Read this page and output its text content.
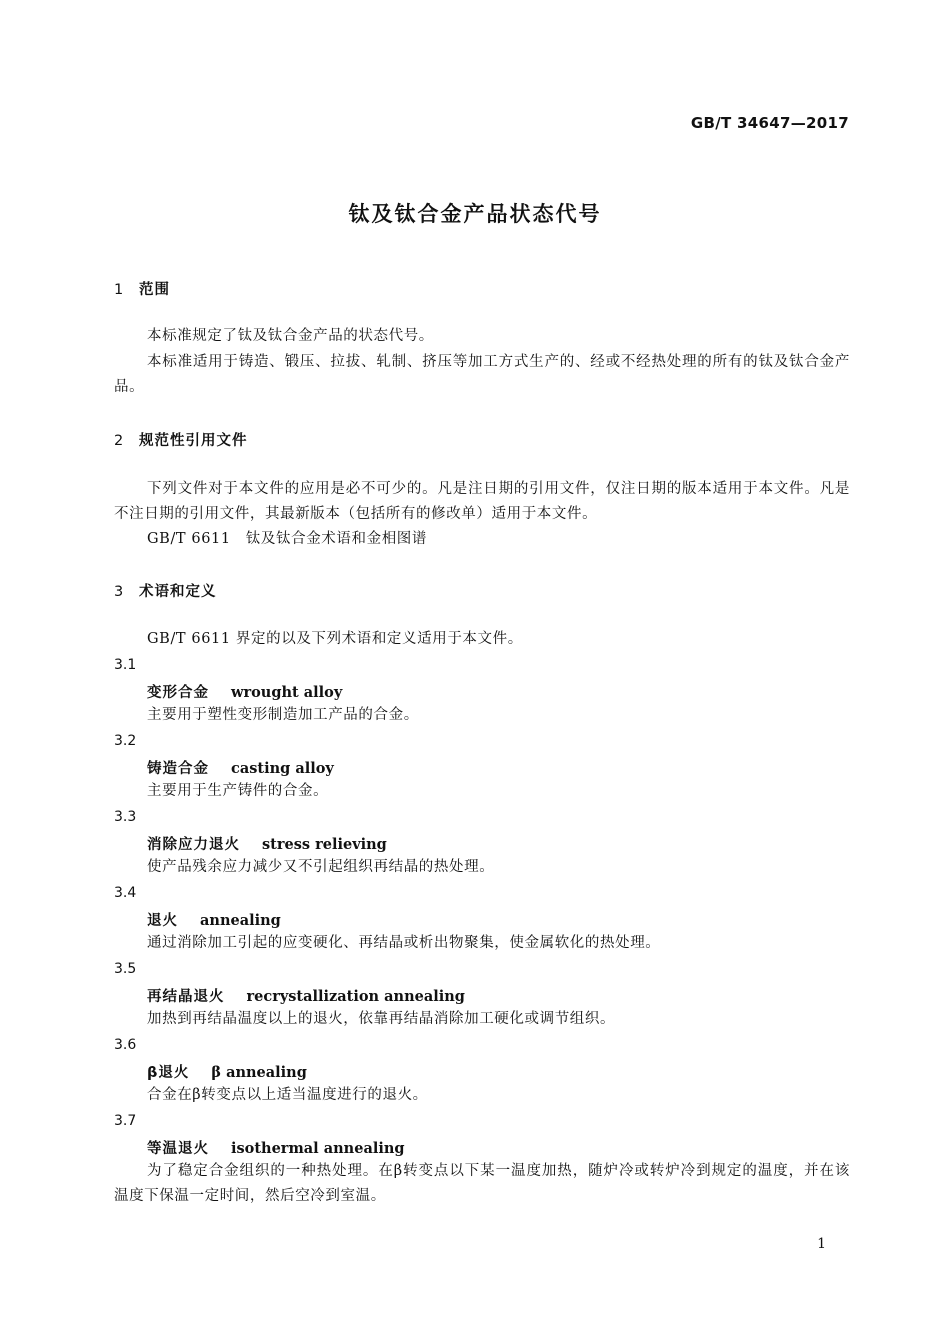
GB/T 34647—2017
钛及钛合金产品状态代号
1 范围
本标准规定了钛及钛合金产品的状态代号。
本标准适用于铸造、锻压、拉拔、轧制、挤压等加工方式生产的、经或不经热处理的所有的钛及钛合金产品。
2 规范性引用文件
下列文件对于本文件的应用是必不可少的。凡是注日期的引用文件，仅注日期的版本适用于本文件。凡是不注日期的引用文件，其最新版本（包括所有的修改单）适用于本文件。
GB/T 6611　钛及钛合金术语和金相图谱
3 术语和定义
GB/T 6611 界定的以及下列术语和定义适用于本文件。
3.1
变形合金 wrought alloy
主要用于塑性变形制造加工产品的合金。
3.2
铸造合金 casting alloy
主要用于生产铸件的合金。
3.3
消除应力退火 stress relieving
使产品残余应力减少又不引起组织再结晶的热处理。
3.4
退火 annealing
通过消除加工引起的应变硬化、再结晶或析出物聚集，使金属软化的热处理。
3.5
再结晶退火 recrystallization annealing
加热到再结晶温度以上的退火，依靠再结晶消除加工硬化或调节组织。
3.6
β退火 β annealing
合金在β转变点以上适当温度进行的退火。
3.7
等温退火 isothermal annealing
为了稳定合金组织的一种热处理。在β转变点以下某一温度加热，随炉冷或转炉冷到规定的温度，并在该温度下保温一定时间，然后空冷到室温。
1
